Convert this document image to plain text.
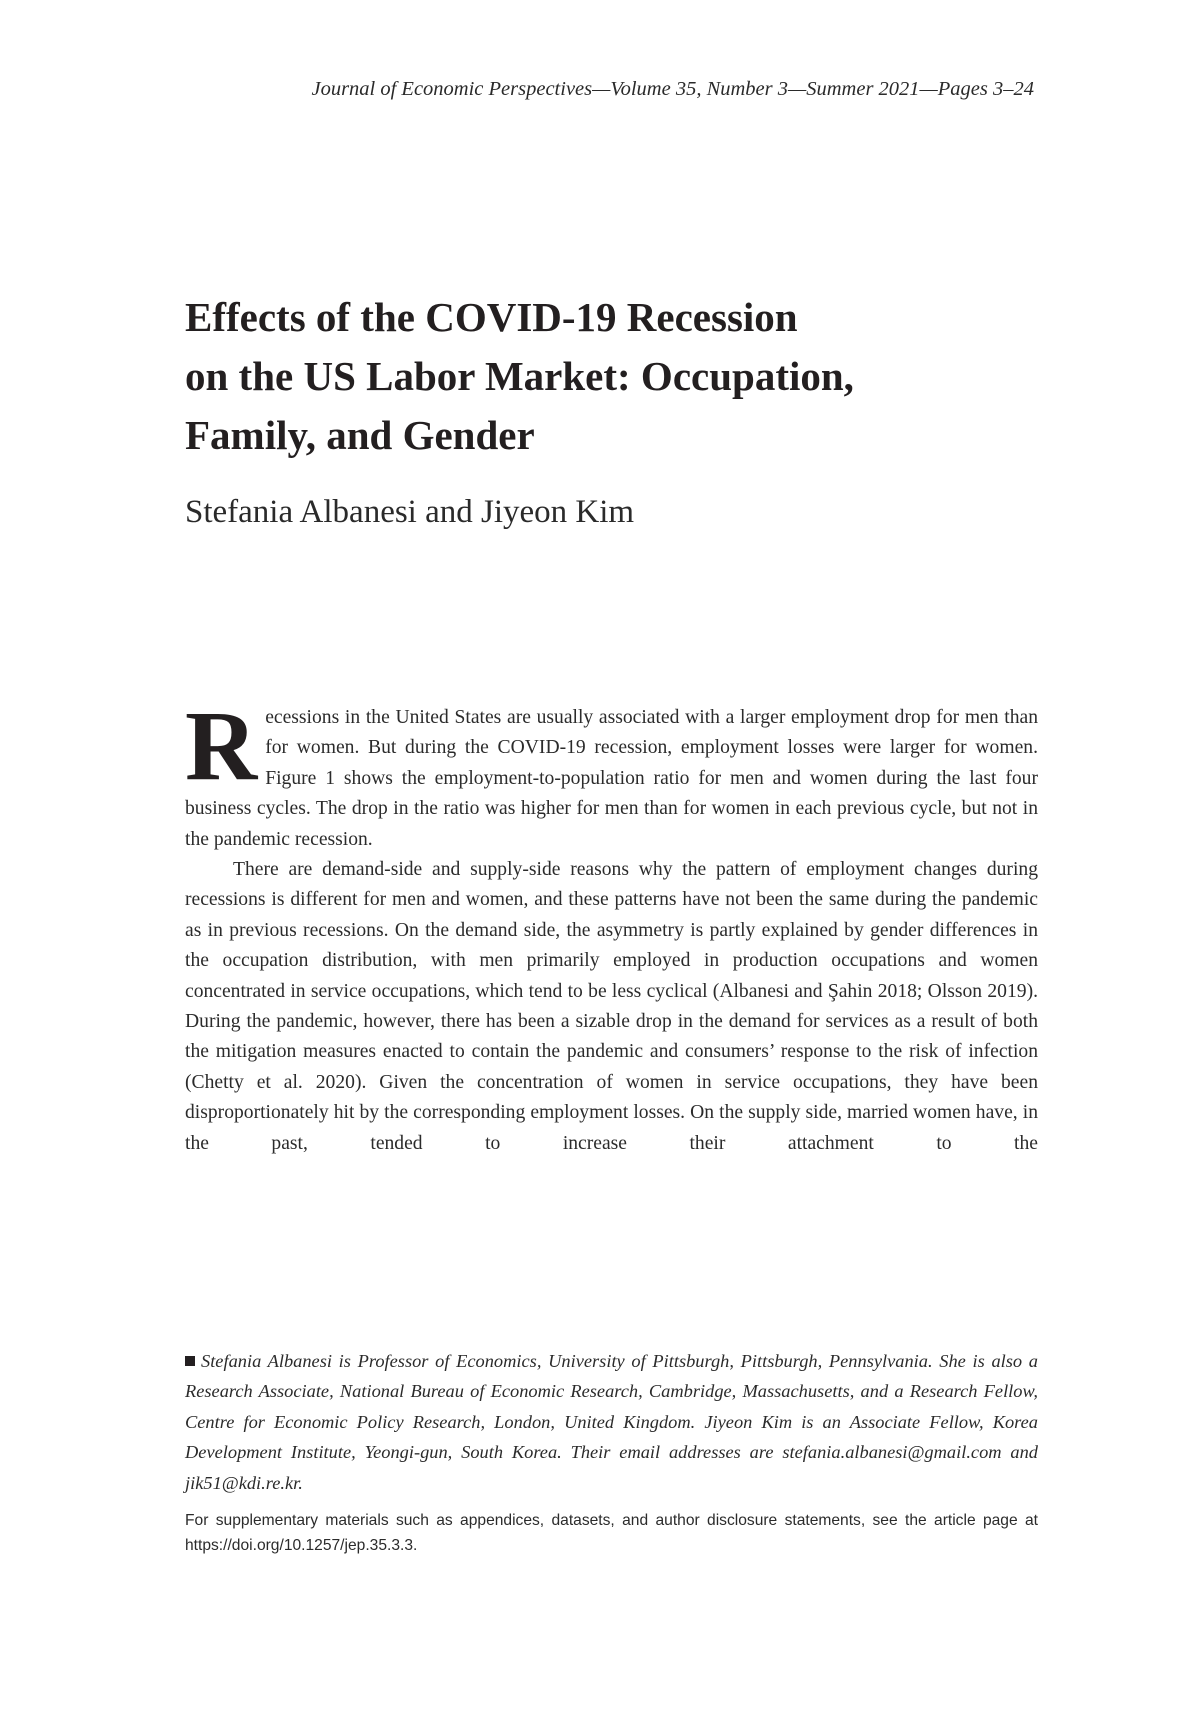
Journal of Economic Perspectives—Volume 35, Number 3—Summer 2021—Pages 3–24
Effects of the COVID-19 Recession
on the US Labor Market: Occupation,
Family, and Gender

Stefania Albanesi and Jiyeon Kim

Recessions in the United States are usually associated with a larger employment drop for men than for women. But during the COVID-19 recession, employment losses were larger for women. Figure 1 shows the employment-to-population ratio for men and women during the last four business cycles. The drop in the ratio was higher for men than for women in each previous cycle, but not in the pandemic recession.

There are demand-side and supply-side reasons why the pattern of employment changes during recessions is different for men and women, and these patterns have not been the same during the pandemic as in previous recessions. On the demand side, the asymmetry is partly explained by gender differences in the occupation distribution, with men primarily employed in production occupations and women concentrated in service occupations, which tend to be less cyclical (Albanesi and Şahin 2018; Olsson 2019). During the pandemic, however, there has been a sizable drop in the demand for services as a result of both the mitigation measures enacted to contain the pandemic and consumers’ response to the risk of infection (Chetty et al. 2020). Given the concentration of women in service occupations, they have been disproportionately hit by the corresponding employment losses. On the supply side, married women have, in the past, tended to increase their attachment to the

Stefania Albanesi is Professor of Economics, University of Pittsburgh, Pittsburgh, Pennsylvania. She is also a Research Associate, National Bureau of Economic Research, Cambridge, Massachusetts, and a Research Fellow, Centre for Economic Policy Research, London, United Kingdom. Jiyeon Kim is an Associate Fellow, Korea Development Institute, Yeongi-gun, South Korea. Their email addresses are stefania.albanesi@gmail.com and jik51@kdi.re.kr.
For supplementary materials such as appendices, datasets, and author disclosure statements, see the article page at https://doi.org/10.1257/jep.35.3.3.
